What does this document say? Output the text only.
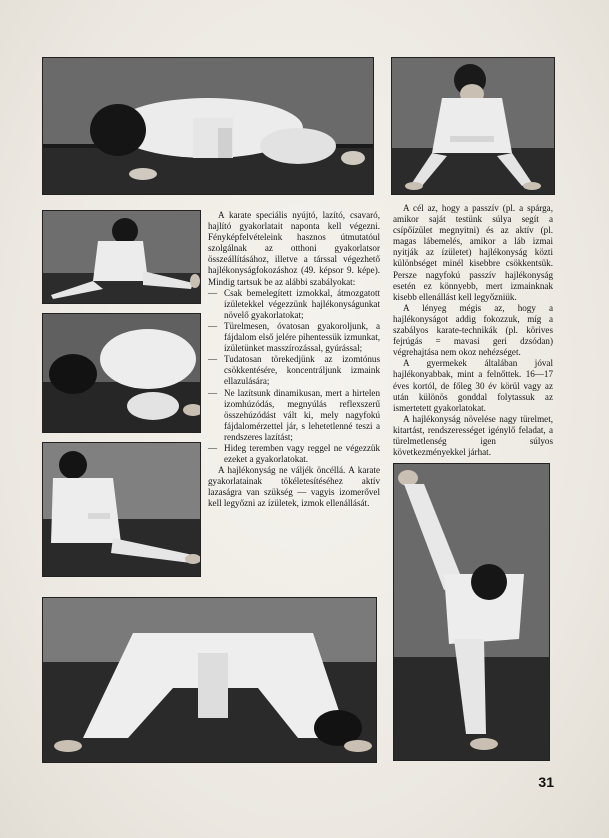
A karate speciális nyújtó, lazító, csavaró, hajlító gyakorlatait naponta kell végezni. Fényképfelvételeink hasznos útmutatóul szolgálnak az otthoni gyakorlatsor összeállításához, illetve a társsal végezhető hajlékonyságfokozáshoz (49. képsor 9. képe). Mindig tartsuk be az alábbi szabályokat:

— Csak bemelegített izmokkal, átmozgatott ízületekkel végezzünk hajlékonyságunkat növelő gyakorlatokat;
— Türelmesen, óvatosan gyakoroljunk, a fájdalom első jelére pihentessük izmunkat, ízületünket masszírozással, gyúrással;
— Tudatosan törekedjünk az izomtónus csökkentésére, koncentráljunk izmaink ellazulására;
— Ne lazítsunk dinamikusan, mert a hirtelen izomhúzódás, megnyúlás reflexszerű összehúzódást vált ki, mely nagyfokú fájdalomérzettel jár, s lehetetlenné teszi a rendszeres lazítást;
— Hideg teremben vagy reggel ne végezzük ezeket a gyakorlatokat.

A hajlékonyság ne váljék öncéllá. A karate gyakorlatainak tökéletesítéséhez aktív lazaságra van szükség — vagyis izomerővel kell legyőzni az ízületek, izmok ellenállását.

A cél az, hogy a passzív (pl. a spárga, amikor saját testünk súlya segít a csípőízület megnyitni) és az aktív (pl. magas lábemelés, amikor a láb izmai nyitják az ízületet) hajlékonyság közti különbséget minél kisebbre csökkentsük. Persze nagyfokú passzív hajlékonyság esetén ez könnyebb, mert izmainknak kisebb ellenállást kell legyőzniük.

A lényeg mégis az, hogy a hajlékonyságot addig fokozzuk, míg a szabályos karate-technikák (pl. körives fejrúgás = mavasi geri dzsódan) végrehajtása nem okoz nehézséget.

A gyermekek általában jóval hajlékonyabbak, mint a felnőttek. 16—17 éves kortól, de főleg 30 év körül vagy az után különös gonddal folytassuk az ismertetett gyakorlatokat.

A hajlékonyság növelése nagy türelmet, kitartást, rendszerességet igénylő feladat, a türelmetlenség igen súlyos következményekkel járhat.

31
